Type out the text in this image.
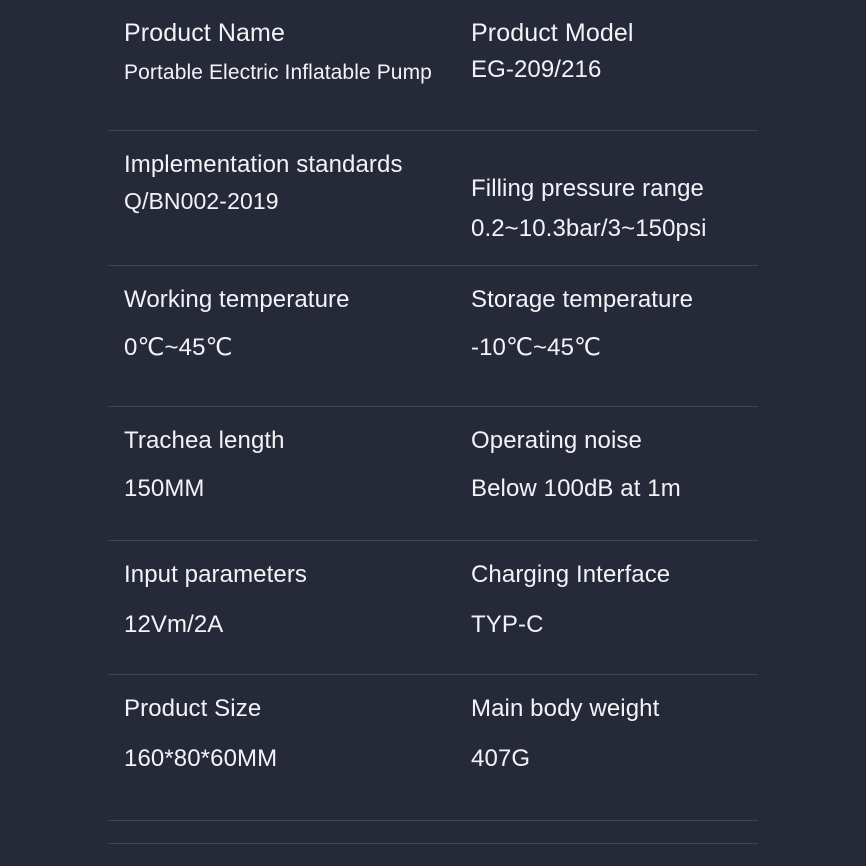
Product Name
Portable Electric Inflatable Pump
Product Model
EG-209/216
Implementation standards
Q/BN002-2019	Filling pressure range
0.2~10.3bar/3~150psi
Working temperature
0℃~45℃
Storage temperature
-10℃~45℃
Trachea length
150MM
Operating noise
Below 100dB at 1m
Input parameters
12Vm/2A
Charging Interface
TYP-C
Product Size
160*80*60MM
Main body weight
407G
